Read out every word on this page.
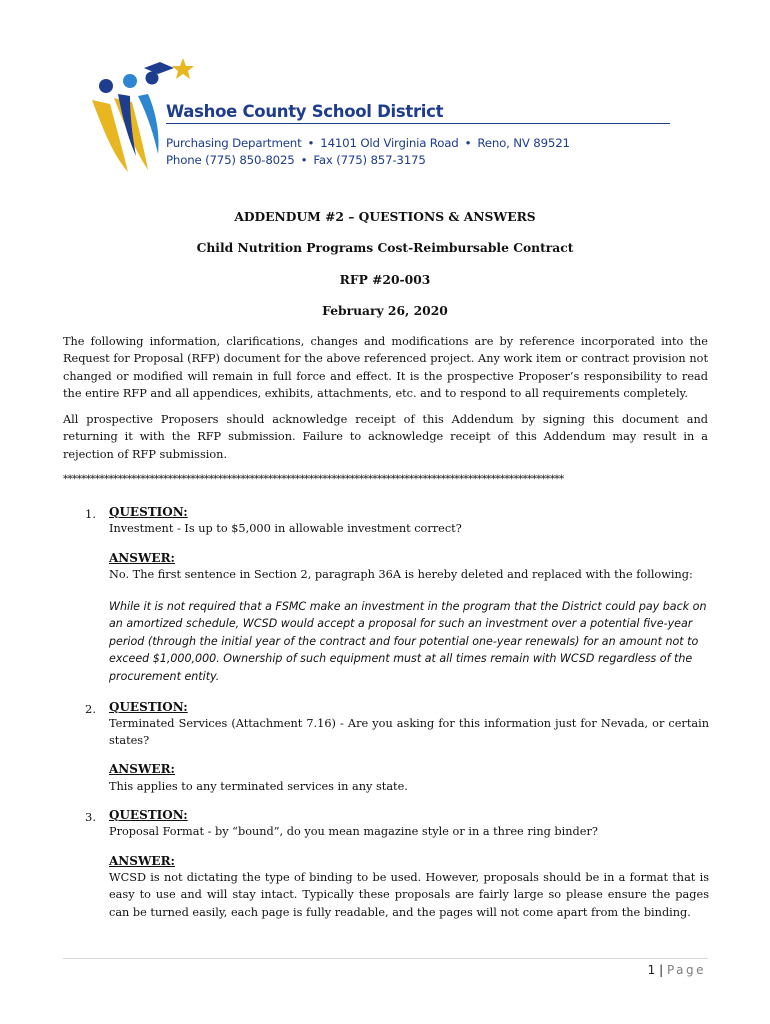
Washoe County School District

Purchasing Department • 14101 Old Virginia Road • Reno, NV 89521

Phone (775) 850-8025 • Fax (775) 857-3175

ADDENDUM #2 – QUESTIONS & ANSWERS

Child Nutrition Programs Cost-Reimbursable Contract

RFP #20-003

February 26, 2020

The following information, clarifications, changes and modifications are by reference incorporated into the Request for Proposal (RFP) document for the above referenced project. Any work item or contract provision not changed or modified will remain in full force and effect. It is the prospective Proposer’s responsibility to read the entire RFP and all appendices, exhibits, attachments, etc. and to respond to all requirements completely.

All prospective Proposers should acknowledge receipt of this Addendum by signing this document and returning it with the RFP submission. Failure to acknowledge receipt of this Addendum may result in a rejection of RFP submission.

**************************************************************************************************************

1. QUESTION:

Investment - Is up to $5,000 in allowable investment correct?

ANSWER:

No. The first sentence in Section 2, paragraph 36A is hereby deleted and replaced with the following:

While it is not required that a FSMC make an investment in the program that the District could pay back on an amortized schedule, WCSD would accept a proposal for such an investment over a potential five-year period (through the initial year of the contract and four potential one-year renewals) for an amount not to exceed $1,000,000. Ownership of such equipment must at all times remain with WCSD regardless of the procurement entity.

2. QUESTION:

Terminated Services (Attachment 7.16) - Are you asking for this information just for Nevada, or certain states?

ANSWER:

This applies to any terminated services in any state.

3. QUESTION:

Proposal Format - by “bound”, do you mean magazine style or in a three ring binder?

ANSWER:

WCSD is not dictating the type of binding to be used. However, proposals should be in a format that is easy to use and will stay intact. Typically these proposals are fairly large so please ensure the pages can be turned easily, each page is fully readable, and the pages will not come apart from the binding.

1 | Page
